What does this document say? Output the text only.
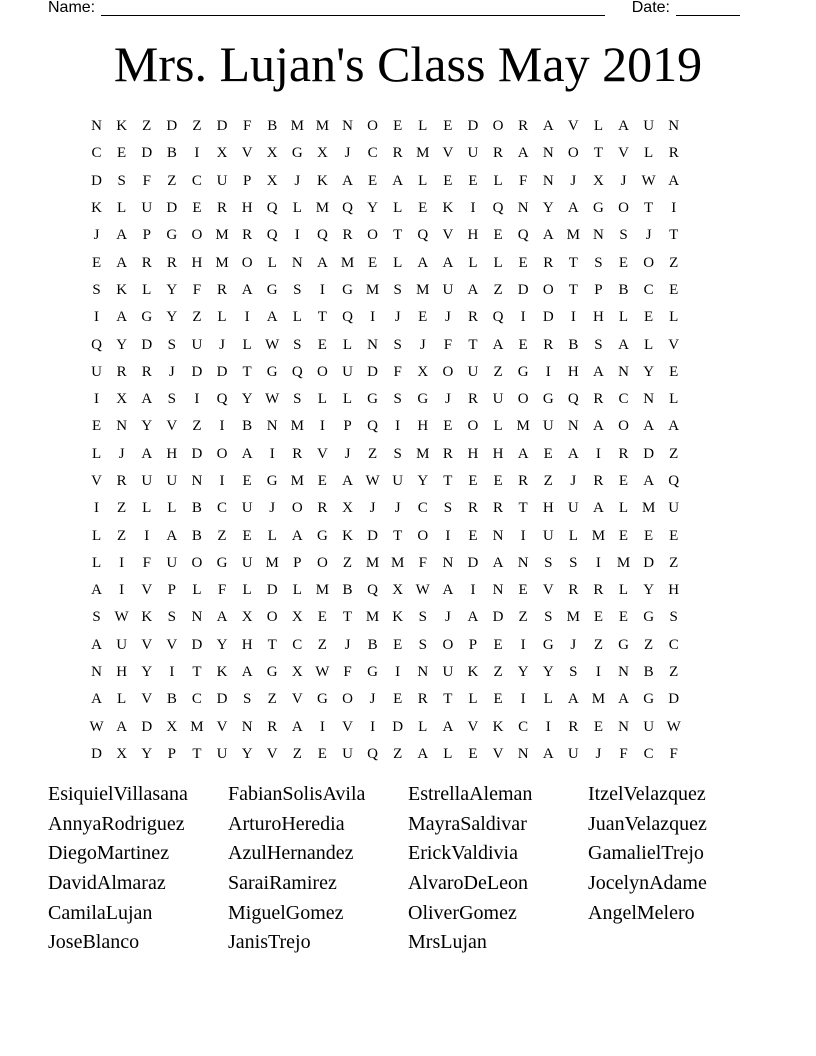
Name:	Date:
Mrs. Lujan's Class May 2019
N K	Z	D	Z	D	F	B M M N O	E	L	E	D O R A V	L	A U N
C	E	D B	I	X V X G X	J	C	R M V U R A N O	T	V	L	R
D	S	F	Z	C U	P	X	J	K A	E	A	L	E	E	L	F	N	J	X	J	W A
K	L	U D	E	R H Q	L M Q Y	L	E	K	I	Q N Y A G O	T	I
J	A	P	G O M R Q	I	Q R O	T	Q V H	E	Q A M N	S	J	T
E	A R	R H M O	L	N A M E	L	A A	L	L	E	R	T	S	E	O	Z
S	K	L	Y	F	R A G	S	I	G M S M U A	Z	D O	T	P	B	C	E
I	A G Y	Z	L	I	A	L	T	Q	I	J	E	J	R Q	I	D	I	H	L	E	L
Q Y D	S	U	J	L W S	E	L	N	S	J	F	T	A	E	R	B	S	A	L	V
U R	R	J	D D	T	G Q O U D	F	X O U	Z	G	I	H A N Y	E
I	X A	S	I	Q Y W S	L	L	G	S	G	J	R U O G Q R	C N	L
E	N Y V	Z	I	B N M	I	P	Q	I	H	E	O	L M U N A O A A
L	J	A H D O A	I	R V	J	Z	S M R H H A	E	A	I	R D	Z
V R U U N	I	E	G M E	A W U Y	T	E	E	R	Z	J	R	E	A Q
I	Z	L	L	B	C U	J	O R X	J	J	C	S	R	R	T	H U A	L M U
L	Z	I	A B	Z	E	L	A G K D	T	O	I	E	N	I	U	L M E	E	E
L	I	F	U O G U M P	O	Z M M F	N D A N	S	S	I	M D	Z
A	I	V	P	L	F	L	D	L M B Q X W A	I	N	E	V R	R	L	Y H
S W K	S	N A X O X	E	T M K	S	J	A D	Z	S M E	E	G	S
A U V V D Y H	T	C	Z	J	B	E	S	O	P	E	I	G	J	Z	G	Z	C
N H Y	I	T	K A G X W F	G	I	N U K	Z	Y Y	S	I	N B	Z
A	L	V B	C D	S	Z	V G O	J	E	R	T	L	E	I	L	A M A G D
W A D X M V N R A	I	V	I	D	L	A V K C	I	R	E	N U W
D X Y	P	T	U Y V	Z	E	U Q	Z	A	L	E	V N A U	J	F	C	F
EsiquielVillasana	FabianSolisAvila	EstrellaAleman	ItzelVelazquez
AnnyaRodriguez	ArturoHeredia	MayraSaldivar	JuanVelazquez
DiegoMartinez	AzulHernandez	ErickValdivia	GamalielTrejo
DavidAlmaraz	SaraiRamirez	AlvaroDeLeon	JocelynAdame
CamilaLujan	MiguelGomez	OliverGomez	AngelMelero
JoseBlanco	JanisTrejo	MrsLujan
